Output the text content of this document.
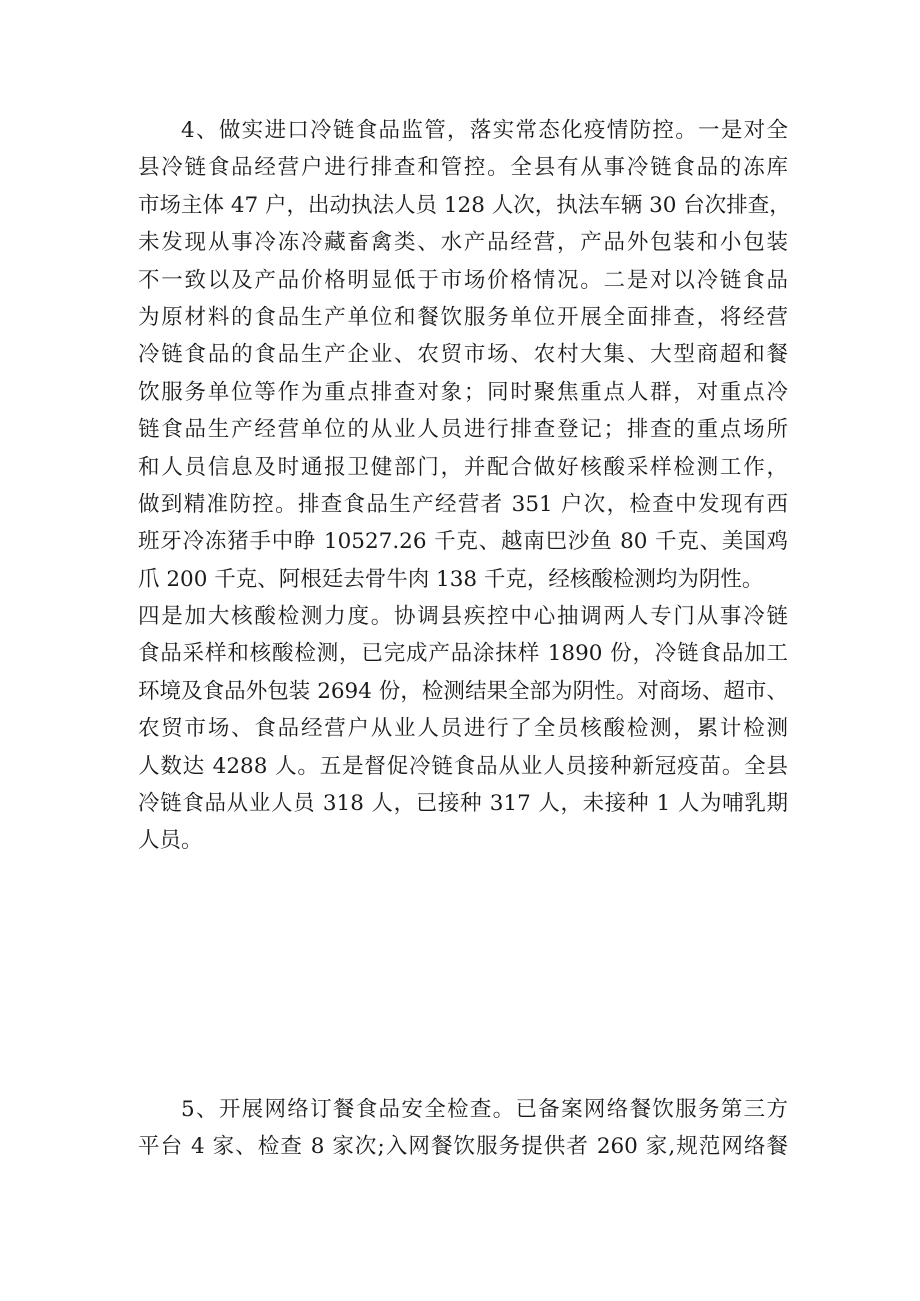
4、做实进口冷链食品监管，落实常态化疫情防控。一是对全
县冷链食品经营户进行排查和管控。全县有从事冷链食品的冻库
市场主体 47 户，出动执法人员 128 人次，执法车辆 30 台次排查，
未发现从事冷冻冷藏畜禽类、水产品经营，产品外包装和小包装
不一致以及产品价格明显低于市场价格情况。二是对以冷链食品
为原材料的食品生产单位和餐饮服务单位开展全面排查，将经营
冷链食品的食品生产企业、农贸市场、农村大集、大型商超和餐
饮服务单位等作为重点排查对象；同时聚焦重点人群，对重点冷
链食品生产经营单位的从业人员进行排查登记；排查的重点场所
和人员信息及时通报卫健部门，并配合做好核酸采样检测工作，
做到精准防控。排查食品生产经营者 351 户次，检查中发现有西
班牙冷冻猪手中睁 10527.26 千克、越南巴沙鱼 80 千克、美国鸡
爪 200 千克、阿根廷去骨牛肉 138 千克，经核酸检测均为阴性。
四是加大核酸检测力度。协调县疾控中心抽调两人专门从事冷链
食品采样和核酸检测，已完成产品涂抹样 1890 份，冷链食品加工
环境及食品外包装 2694 份，检测结果全部为阴性。对商场、超市、
农贸市场、食品经营户从业人员进行了全员核酸检测，累计检测
人数达 4288 人。五是督促冷链食品从业人员接种新冠疫苗。全县
冷链食品从业人员 318 人，已接种 317 人，未接种 1 人为哺乳期
人员。
5、开展网络订餐食品安全检查。已备案网络餐饮服务第三方
平台 4 家、检查 8 家次;入网餐饮服务提供者 260 家,规范网络餐
